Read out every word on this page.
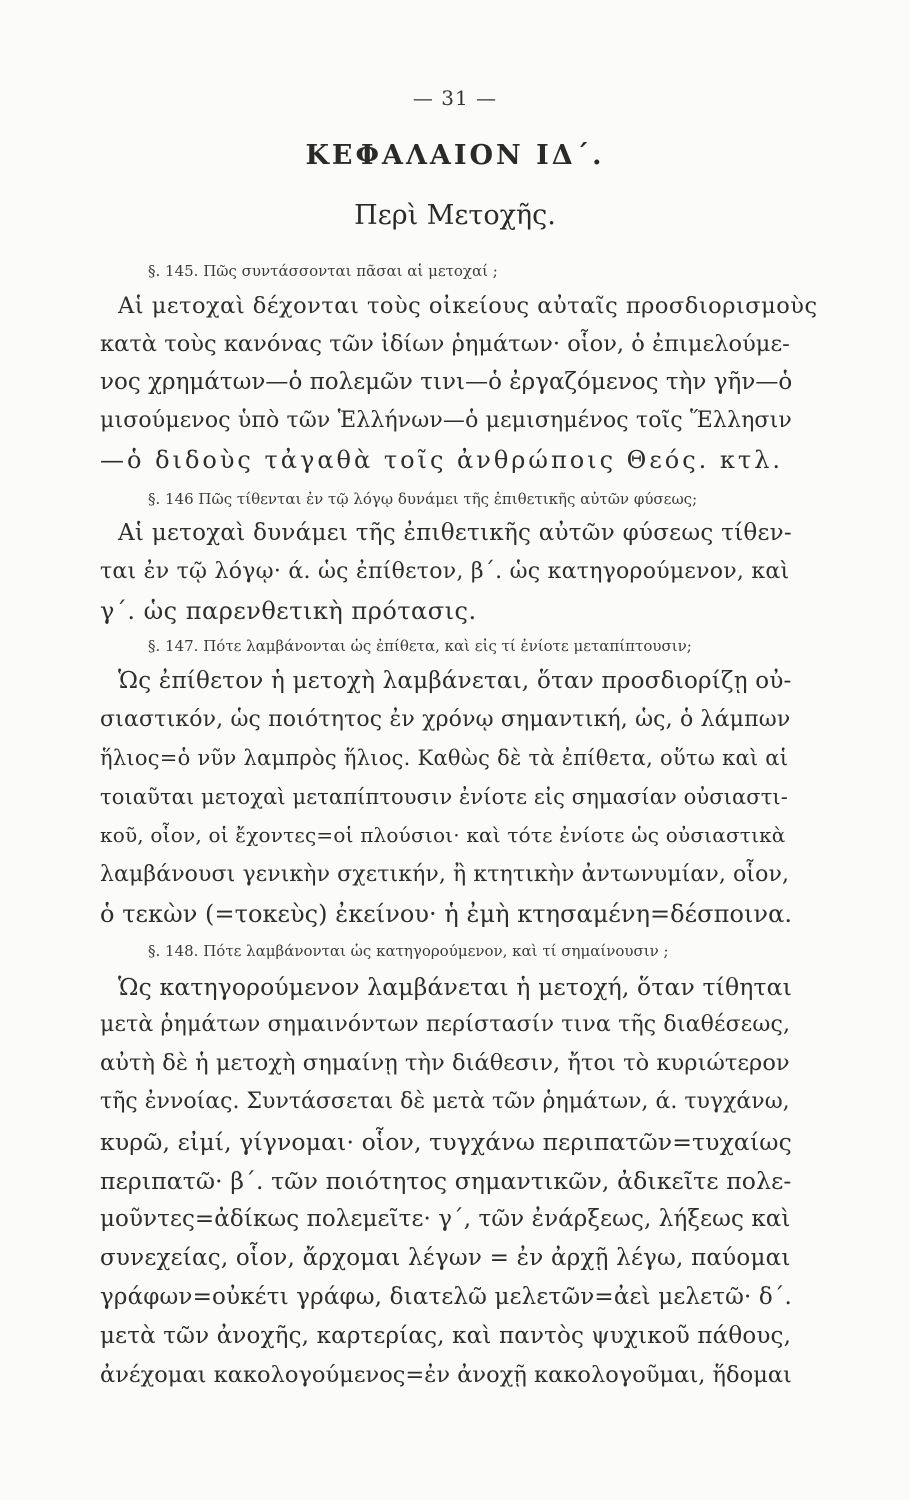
— 31 —
ΚΕΦΑΛΑΙΟΝ ΙΔ΄.
Περὶ Μετοχῆς.
§. 145. Πῶς συντάσσονται πᾶσαι αἱ μετοχαί ;
Αἱ μετοχαὶ δέχονται τοὺς οἰκείους αὐταῖς προσδιορισμοὺς
κατὰ τοὺς κανόνας τῶν ἰδίων ῥημάτων· οἷον, ὁ ἐπιμελούμε-
νος χρημάτων—ὁ πολεμῶν τινι—ὁ ἐργαζόμενος τὴν γῆν—ὁ
μισούμενος ὑπὸ τῶν Ἑλλήνων—ὁ μεμισημένος τοῖς Ἕλλησιν
—ὁ διδοὺς τἀγαθὰ τοῖς ἀνθρώποις Θεός. κτλ.
§. 146 Πῶς τίθενται ἐν τῷ λόγῳ δυνάμει τῆς ἐπιθετικῆς αὐτῶν φύσεως;
Αἱ μετοχαὶ δυνάμει τῆς ἐπιθετικῆς αὐτῶν φύσεως τίθεν-
ται ἐν τῷ λόγῳ· ά. ὡς ἐπίθετον, β΄. ὡς κατηγορούμενον, καὶ
γ΄. ὡς παρενθετικὴ πρότασις.
§. 147. Πότε λαμβάνονται ὡς ἐπίθετα, καὶ εἰς τί ἐνίοτε μεταπίπτουσιν;
Ὡς ἐπίθετον ἡ μετοχὴ λαμβάνεται, ὅταν προσδιορίζῃ οὐ-
σιαστικόν, ὡς ποιότητος ἐν χρόνῳ σημαντική, ὡς, ὁ λάμπων
ἥλιος=ὁ νῦν λαμπρὸς ἥλιος. Καθὼς δὲ τὰ ἐπίθετα, οὕτω καὶ αἱ
τοιαῦται μετοχαὶ μεταπίπτουσιν ἐνίοτε εἰς σημασίαν οὐσιαστι-
κοῦ, οἷον, οἱ ἔχοντες=οἱ πλούσιοι· καὶ τότε ἐνίοτε ὡς οὐσιαστικὰ
λαμβάνουσι γενικὴν σχετικήν, ἢ κτητικὴν ἀντωνυμίαν, οἷον,
ὁ τεκὼν (=τοκεὺς) ἐκείνου· ἡ ἐμὴ κτησαμένη=δέσποινα.
§. 148. Πότε λαμβάνονται ὡς κατηγορούμενον, καὶ τί σημαίνουσιν ;
Ὡς κατηγορούμενον λαμβάνεται ἡ μετοχή, ὅταν τίθηται
μετὰ ῥημάτων σημαινόντων περίστασίν τινα τῆς διαθέσεως,
αὐτὴ δὲ ἡ μετοχὴ σημαίνῃ τὴν διάθεσιν, ἤτοι τὸ κυριώτερον
τῆς ἐννοίας. Συντάσσεται δὲ μετὰ τῶν ῥημάτων, ά. τυγχάνω,
κυρῶ, εἰμί, γίγνομαι· οἷον, τυγχάνω περιπατῶν=τυχαίως
περιπατῶ· β΄. τῶν ποιότητος σημαντικῶν, ἀδικεῖτε πολε-
μοῦντες=ἀδίκως πολεμεῖτε· γ΄, τῶν ἐνάρξεως, λήξεως καὶ
συνεχείας, οἷον, ἄρχομαι λέγων = ἐν ἀρχῇ λέγω, παύομαι
γράφων=οὐκέτι γράφω, διατελῶ μελετῶν=ἀεὶ μελετῶ· δ΄.
μετὰ τῶν ἀνοχῆς, καρτερίας, καὶ παντὸς ψυχικοῦ πάθους,
ἀνέχομαι κακολογούμενος=ἐν ἀνοχῇ κακολογοῦμαι, ἥδομαι
